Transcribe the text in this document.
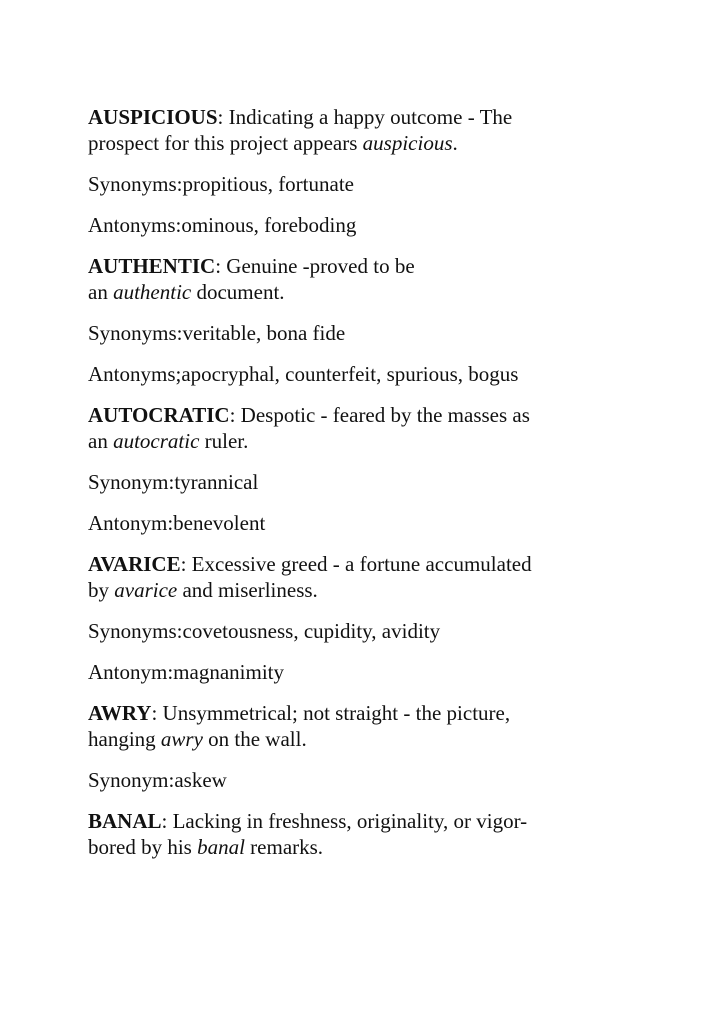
AUSPICIOUS: Indicating a happy outcome - The
prospect for this project appears auspicious.
Synonyms:propitious, fortunate
Antonyms:ominous, foreboding
AUTHENTIC: Genuine -proved to be
an authentic document.
Synonyms:veritable, bona fide
Antonyms;apocryphal, counterfeit, spurious, bogus
AUTOCRATIC: Despotic - feared by the masses as
an autocratic ruler.
Synonym:tyrannical
Antonym:benevolent
AVARICE: Excessive greed - a fortune accumulated
by avarice and miserliness.
Synonyms:covetousness, cupidity, avidity
Antonym:magnanimity
AWRY: Unsymmetrical; not straight - the picture,
hanging awry on the wall.
Synonym:askew
BANAL: Lacking in freshness, originality, or vigor-
bored by his banal remarks.
